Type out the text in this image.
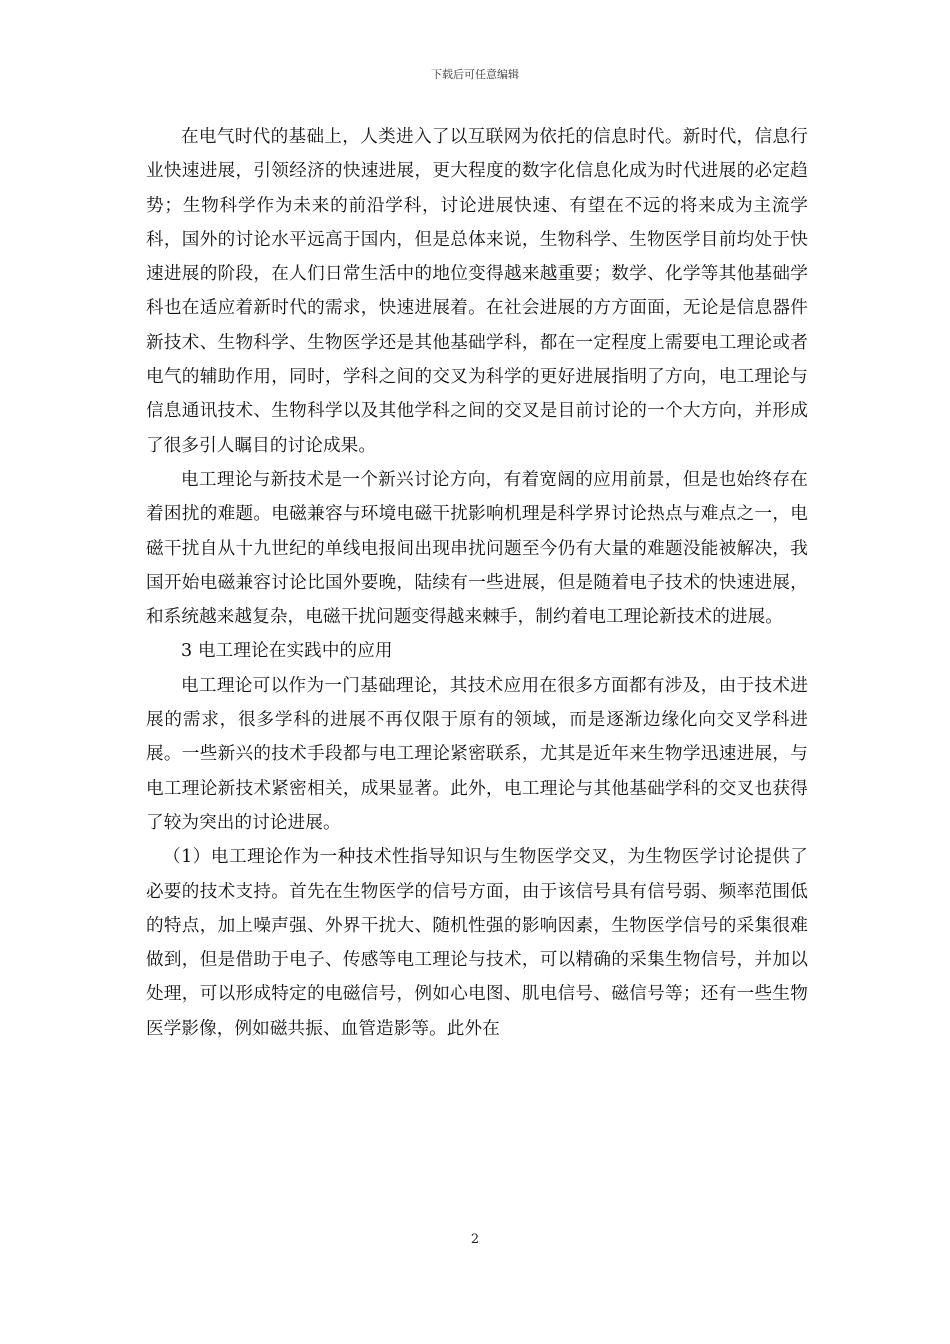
下载后可任意编辑

在电气时代的基础上，人类进入了以互联网为依托的信息时代。新时代，信息行业快速进展，引领经济的快速进展，更大程度的数字化信息化成为时代进展的必定趋势；生物科学作为未来的前沿学科，讨论进展快速、有望在不远的将来成为主流学科，国外的讨论水平远高于国内，但是总体来说，生物科学、生物医学目前均处于快速进展的阶段，在人们日常生活中的地位变得越来越重要；数学、化学等其他基础学科也在适应着新时代的需求，快速进展着。在社会进展的方方面面，无论是信息器件新技术、生物科学、生物医学还是其他基础学科，都在一定程度上需要电工理论或者电气的辅助作用，同时，学科之间的交叉为科学的更好进展指明了方向，电工理论与信息通讯技术、生物科学以及其他学科之间的交叉是目前讨论的一个大方向，并形成了很多引人瞩目的讨论成果。

电工理论与新技术是一个新兴讨论方向，有着宽阔的应用前景，但是也始终存在着困扰的难题。电磁兼容与环境电磁干扰影响机理是科学界讨论热点与难点之一，电磁干扰自从十九世纪的单线电报间出现串扰问题至今仍有大量的难题没能被解决，我国开始电磁兼容讨论比国外要晚，陆续有一些进展，但是随着电子技术的快速进展，和系统越来越复杂，电磁干扰问题变得越来棘手，制约着电工理论新技术的进展。

3 电工理论在实践中的应用

电工理论可以作为一门基础理论，其技术应用在很多方面都有涉及，由于技术进展的需求，很多学科的进展不再仅限于原有的领域，而是逐渐边缘化向交叉学科进展。一些新兴的技术手段都与电工理论紧密联系，尤其是近年来生物学迅速进展，与电工理论新技术紧密相关，成果显著。此外，电工理论与其他基础学科的交叉也获得了较为突出的讨论进展。

（1）电工理论作为一种技术性指导知识与生物医学交叉，为生物医学讨论提供了必要的技术支持。首先在生物医学的信号方面，由于该信号具有信号弱、频率范围低的特点，加上噪声强、外界干扰大、随机性强的影响因素，生物医学信号的采集很难做到，但是借助于电子、传感等电工理论与技术，可以精确的采集生物信号，并加以处理，可以形成特定的电磁信号，例如心电图、肌电信号、磁信号等；还有一些生物医学影像，例如磁共振、血管造影等。此外在

2
